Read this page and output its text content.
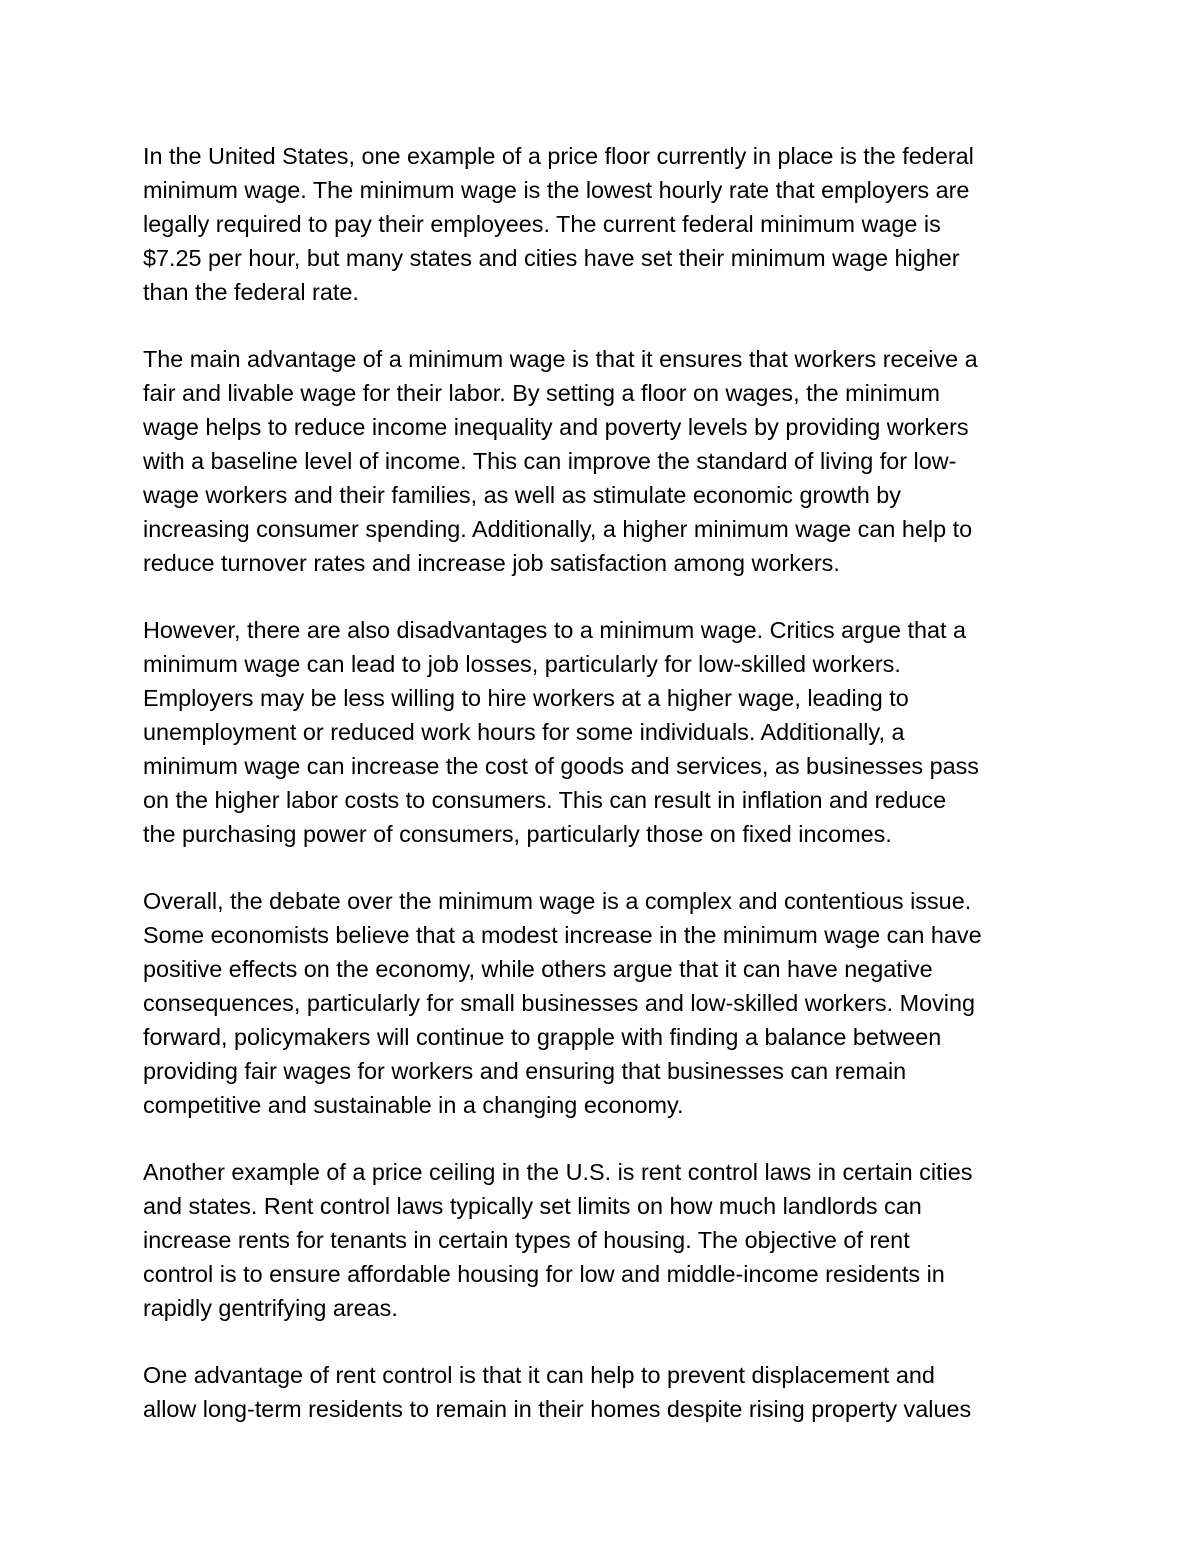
In the United States, one example of a price floor currently in place is the federal
minimum wage. The minimum wage is the lowest hourly rate that employers are
legally required to pay their employees. The current federal minimum wage is
$7.25 per hour, but many states and cities have set their minimum wage higher
than the federal rate.

The main advantage of a minimum wage is that it ensures that workers receive a
fair and livable wage for their labor. By setting a floor on wages, the minimum
wage helps to reduce income inequality and poverty levels by providing workers
with a baseline level of income. This can improve the standard of living for low-
wage workers and their families, as well as stimulate economic growth by
increasing consumer spending. Additionally, a higher minimum wage can help to
reduce turnover rates and increase job satisfaction among workers.

However, there are also disadvantages to a minimum wage. Critics argue that a
minimum wage can lead to job losses, particularly for low-skilled workers.
Employers may be less willing to hire workers at a higher wage, leading to
unemployment or reduced work hours for some individuals. Additionally, a
minimum wage can increase the cost of goods and services, as businesses pass
on the higher labor costs to consumers. This can result in inflation and reduce
the purchasing power of consumers, particularly those on fixed incomes.

Overall, the debate over the minimum wage is a complex and contentious issue.
Some economists believe that a modest increase in the minimum wage can have
positive effects on the economy, while others argue that it can have negative
consequences, particularly for small businesses and low-skilled workers. Moving
forward, policymakers will continue to grapple with finding a balance between
providing fair wages for workers and ensuring that businesses can remain
competitive and sustainable in a changing economy.

Another example of a price ceiling in the U.S. is rent control laws in certain cities
and states. Rent control laws typically set limits on how much landlords can
increase rents for tenants in certain types of housing. The objective of rent
control is to ensure affordable housing for low and middle-income residents in
rapidly gentrifying areas.

One advantage of rent control is that it can help to prevent displacement and
allow long-term residents to remain in their homes despite rising property values
